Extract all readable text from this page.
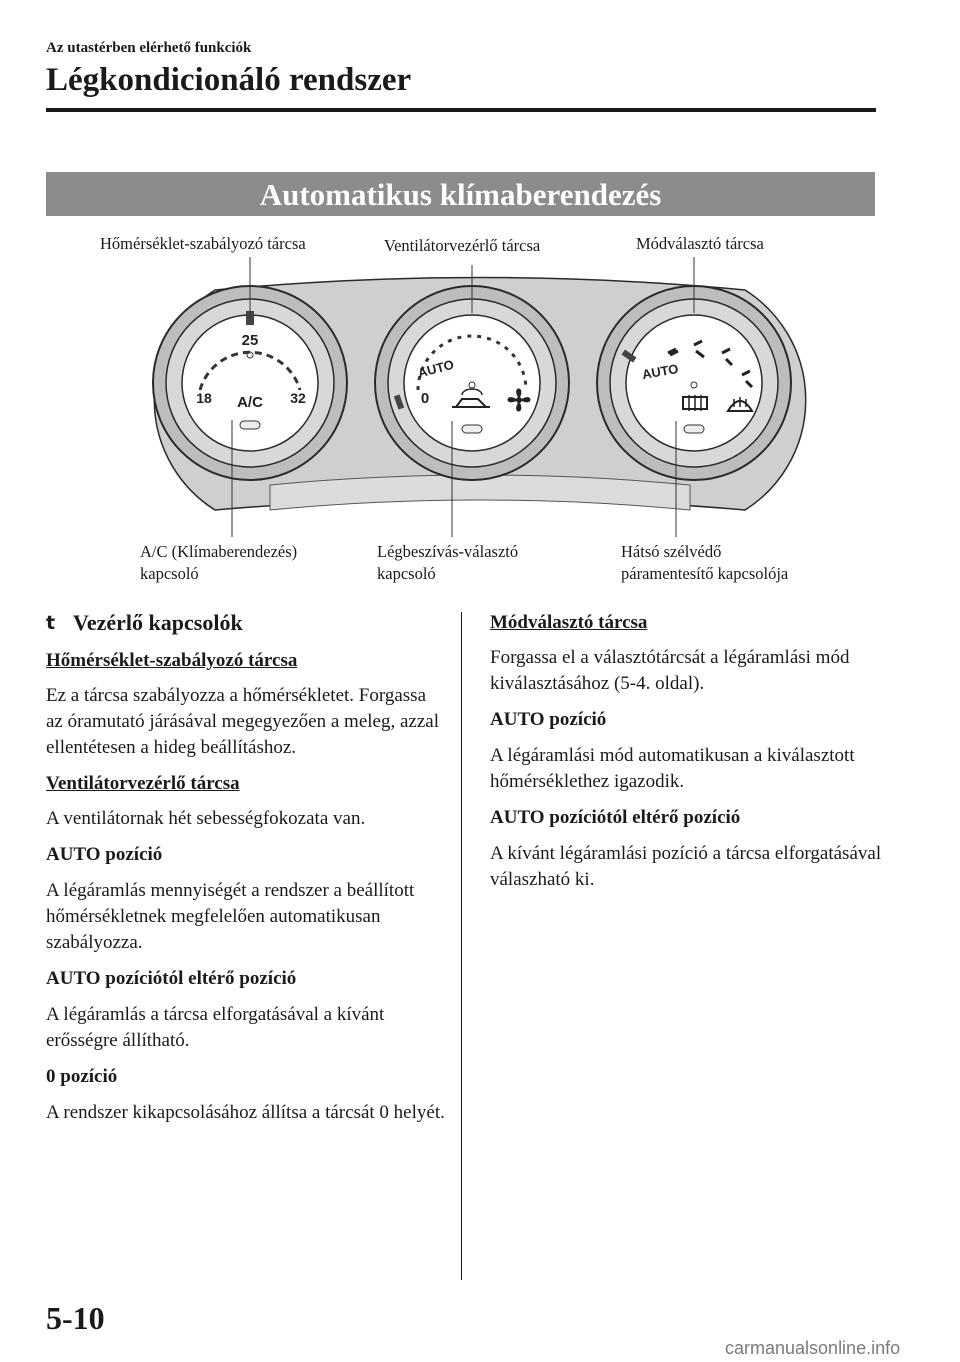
Az utastérben elérhető funkciók
Légkondicionáló rendszer
Automatikus klímaberendezés
25
18	32
A/C
AUTO
0
AUTO
Hőmérséklet-szabályozó tárcsa	Ventilátorvezérlő tárcsa	Módválasztó tárcsa
A/C (Klímaberendezés)
kapcsoló
Légbeszívás-választó
kapcsoló
Hátsó szélvédő
páramentesítő kapcsolója
t Vezérlő kapcsolók
Hőmérséklet-szabályozó tárcsa
Ez a tárcsa szabályozza a hőmérsékletet. Forgassa az óramutató járásával megegyezően a meleg, azzal ellentétesen a hideg beállításhoz.
Ventilátorvezérlő tárcsa
A ventilátornak hét sebességfokozata van.
AUTO pozíció
A légáramlás mennyiségét a rendszer a beállított hőmérsékletnek megfelelően automatikusan szabályozza.
AUTO pozíciótól eltérő pozíció
A légáramlás a tárcsa elforgatásával a kívánt erősségre állítható.
0 pozíció
A rendszer kikapcsolásához állítsa a tárcsát 0 helyét.
Módválasztó tárcsa
Forgassa el a választótárcsát a légáramlási mód kiválasztásához (5-4. oldal).
AUTO pozíció
A légáramlási mód automatikusan a kiválasztott hőmérséklethez igazodik.
AUTO pozíciótól eltérő pozíció
A kívánt légáramlási pozíció a tárcsa elforgatásával válaszható ki.
5-10
carmanualsonline.info
